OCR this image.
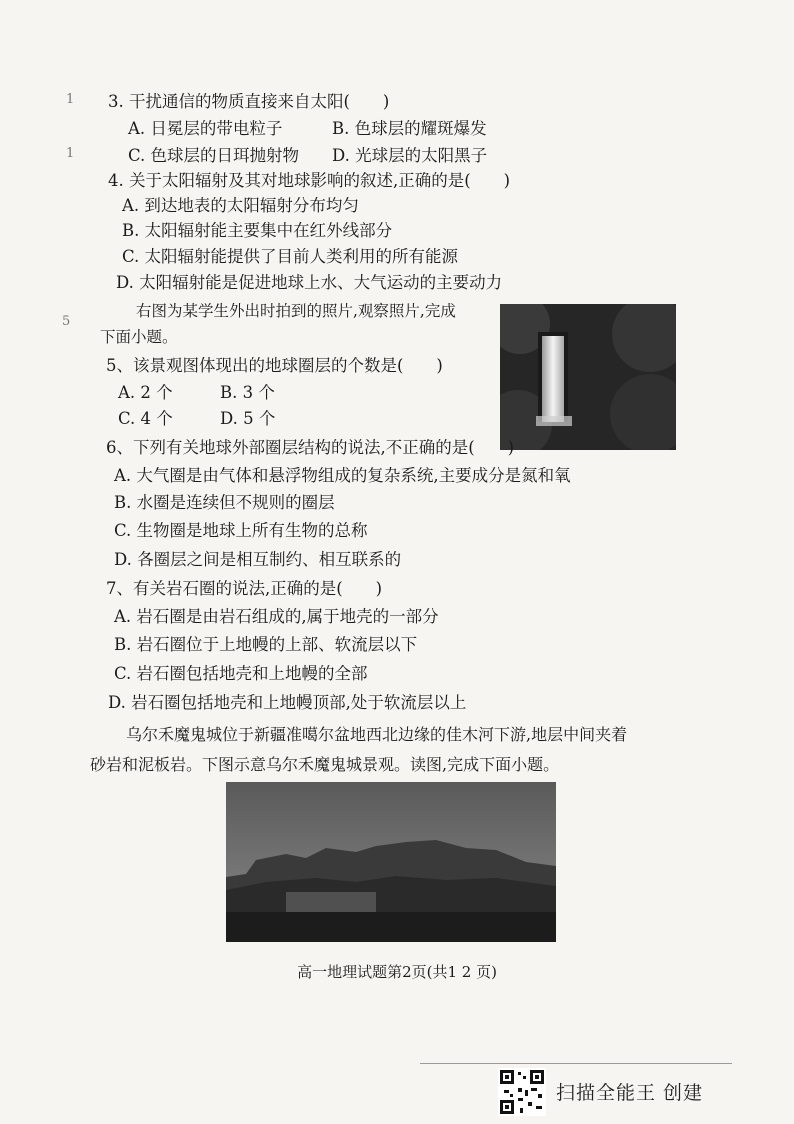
1
1
5
3. 干扰通信的物质直接来自太阳(　　)
A. 日冕层的带电粒子	B. 色球层的耀斑爆发
C. 色球层的日珥抛射物 D. 光球层的太阳黑子
4. 关于太阳辐射及其对地球影响的叙述,正确的是(　　)
A. 到达地表的太阳辐射分布均匀
B. 太阳辐射能主要集中在红外线部分
C. 太阳辐射能提供了目前人类利用的所有能源
D. 太阳辐射能是促进地球上水、大气运动的主要动力
右图为某学生外出时拍到的照片,观察照片,完成
下面小题。
5、该景观图体现出的地球圈层的个数是(　　)
A. 2 个	B. 3 个
C. 4 个	D. 5 个
6、下列有关地球外部圈层结构的说法,不正确的是(　　)
A. 大气圈是由气体和悬浮物组成的复杂系统,主要成分是氮和氧
B. 水圈是连续但不规则的圈层
C. 生物圈是地球上所有生物的总称
D. 各圈层之间是相互制约、相互联系的
7、有关岩石圈的说法,正确的是(　　)
A. 岩石圈是由岩石组成的,属于地壳的一部分
B. 岩石圈位于上地幔的上部、软流层以下
C. 岩石圈包括地壳和上地幔的全部
D. 岩石圈包括地壳和上地幔顶部,处于软流层以上
乌尔禾魔鬼城位于新疆准噶尔盆地西北边缘的佳木河下游,地层中间夹着
砂岩和泥板岩。下图示意乌尔禾魔鬼城景观。读图,完成下面小题。
高一地理试题第2页(共1 2 页)
扫描全能王 创建
